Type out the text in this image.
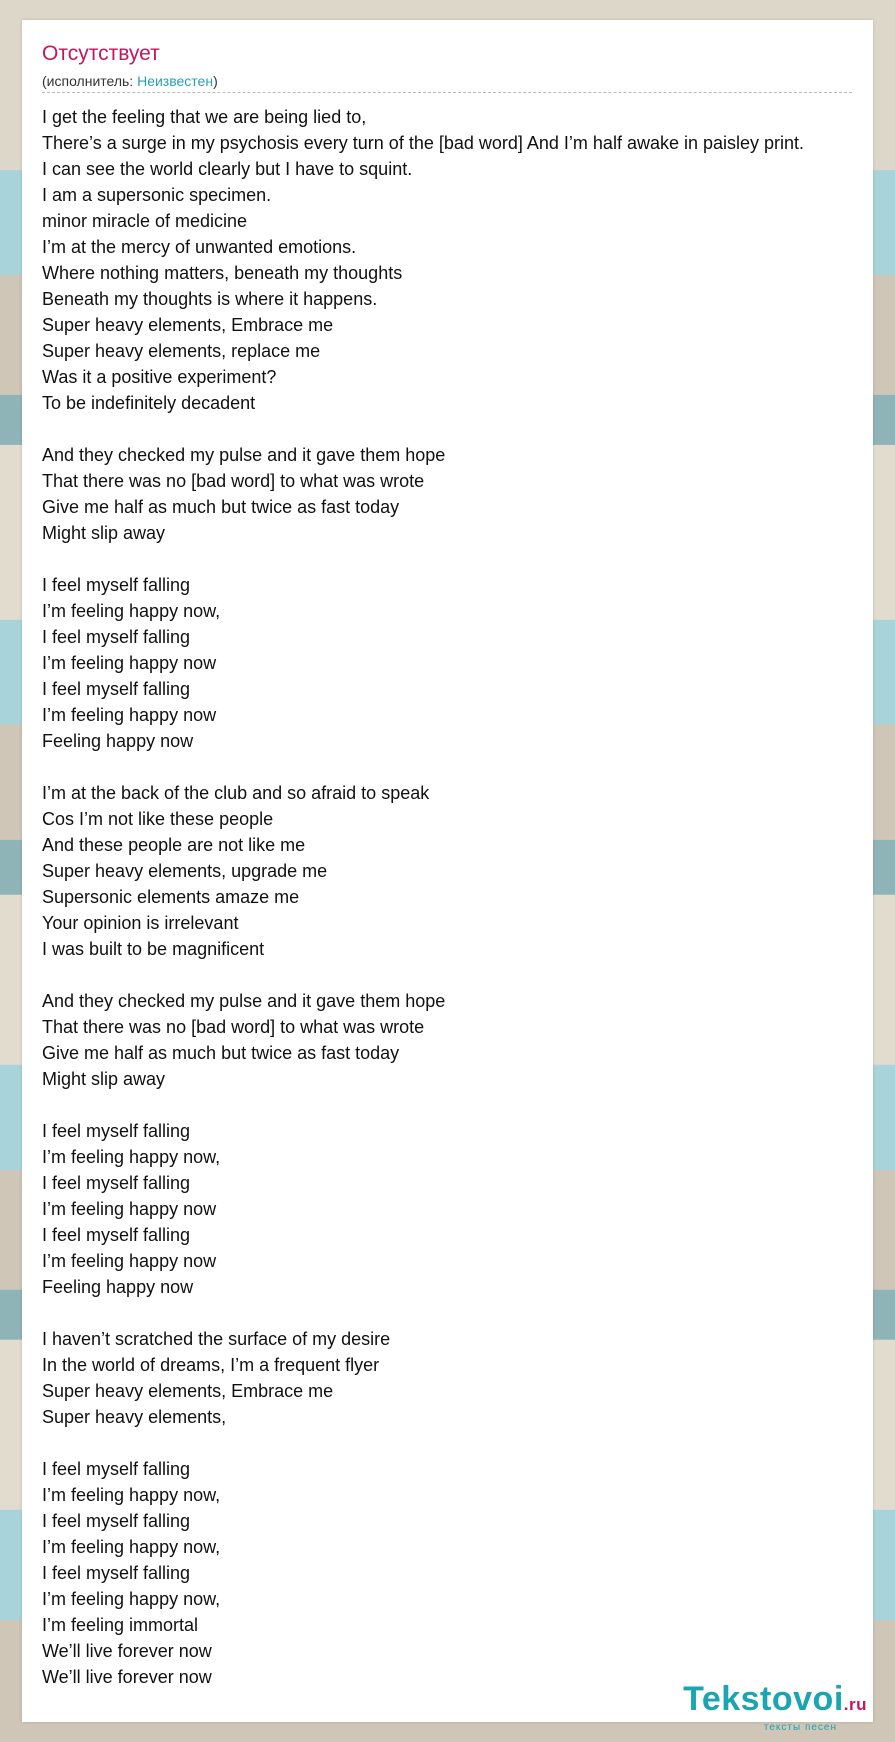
Отсутствует
(исполнитель: Неизвестен)
I get the feeling that we are being lied to,
There’s a surge in my psychosis every turn of the [bad word] And I’m half awake in paisley print.
I can see the world clearly but I have to squint.
I am a supersonic specimen.
minor miracle of medicine
I’m at the mercy of unwanted emotions.
Where nothing matters, beneath my thoughts
Beneath my thoughts is where it happens.
Super heavy elements, Embrace me
Super heavy elements, replace me
Was it a positive experiment?
To be indefinitely decadent
And they checked my pulse and it gave them hope
That there was no [bad word] to what was wrote
Give me half as much but twice as fast today
Might slip away
I feel myself falling
I’m feeling happy now,
I feel myself falling
I’m feeling happy now
I feel myself falling
I’m feeling happy now
Feeling happy now
I’m at the back of the club and so afraid to speak
Cos I’m not like these people
And these people are not like me
Super heavy elements, upgrade me
Supersonic elements amaze me
Your opinion is irrelevant
I was built to be magnificent
And they checked my pulse and it gave them hope
That there was no [bad word] to what was wrote
Give me half as much but twice as fast today
Might slip away
I feel myself falling
I’m feeling happy now,
I feel myself falling
I’m feeling happy now
I feel myself falling
I’m feeling happy now
Feeling happy now
I haven’t scratched the surface of my desire
In the world of dreams, I’m a frequent flyer
Super heavy elements, Embrace me
Super heavy elements,
I feel myself falling
I’m feeling happy now,
I feel myself falling
I’m feeling happy now,
I feel myself falling
I’m feeling happy now,
I’m feeling immortal
We’ll live forever now
We’ll live forever now
Tekstovoi.ru
тексты песен
